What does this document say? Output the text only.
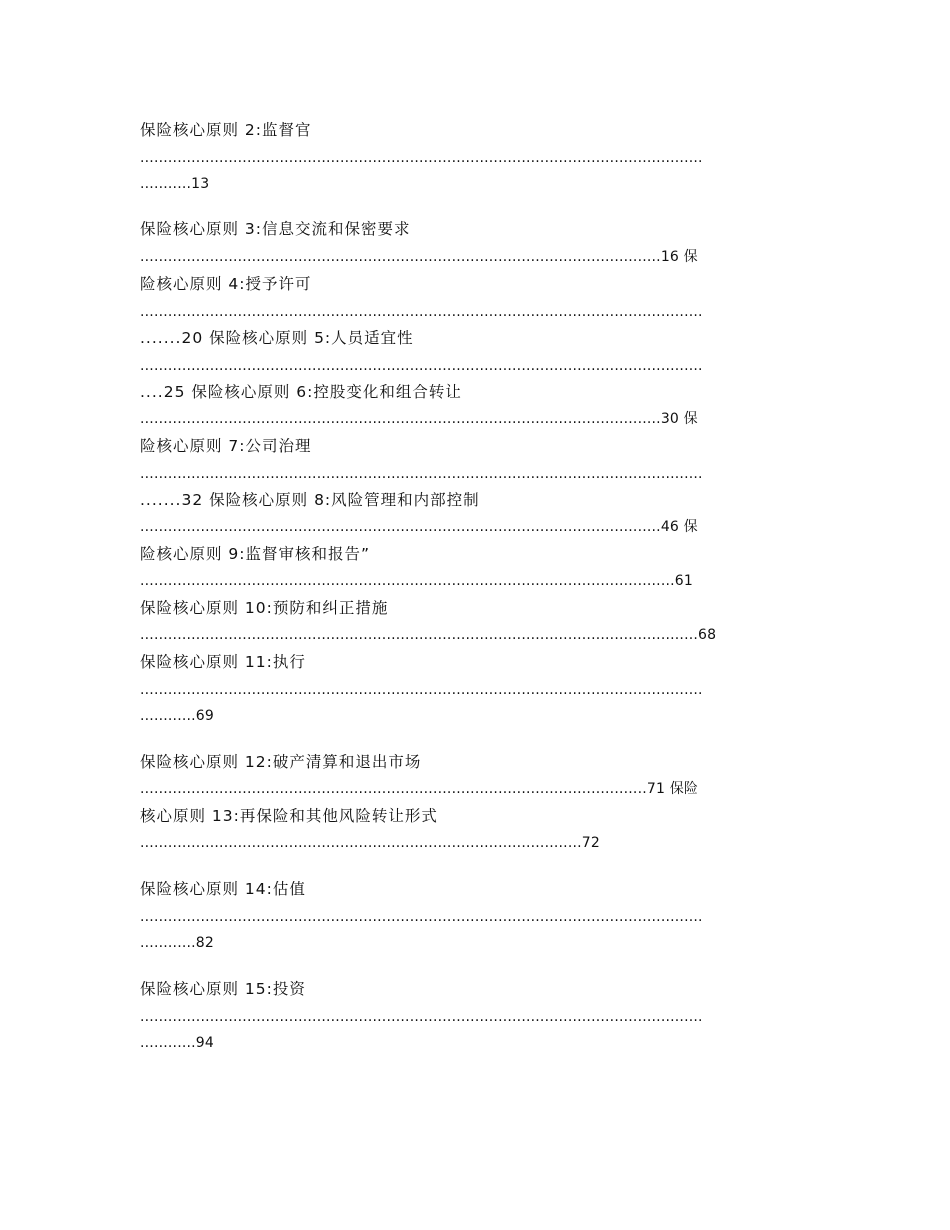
保险核心原则 2:监督官
.........................................................................................................................
...........13
保险核心原则 3:信息交流和保密要求
................................................................................................................16 保
险核心原则 4:授予许可
.........................................................................................................................
.......20 保险核心原则 5:人员适宜性
.........................................................................................................................
....25 保险核心原则 6:控股变化和组合转让
................................................................................................................30 保
险核心原则 7:公司治理
.........................................................................................................................
.......32 保险核心原则 8:风险管理和内部控制
................................................................................................................46 保
险核心原则 9:监督审核和报告”
...................................................................................................................61
保险核心原则 10:预防和纠正措施
........................................................................................................................68
保险核心原则 11:执行
.........................................................................................................................
............69
保险核心原则 12:破产清算和退出市场
.............................................................................................................71 保险
核心原则 13:再保险和其他风险转让形式
...............................................................................................72
保险核心原则 14:估值
.........................................................................................................................
............82
保险核心原则 15:投资
.........................................................................................................................
............94
